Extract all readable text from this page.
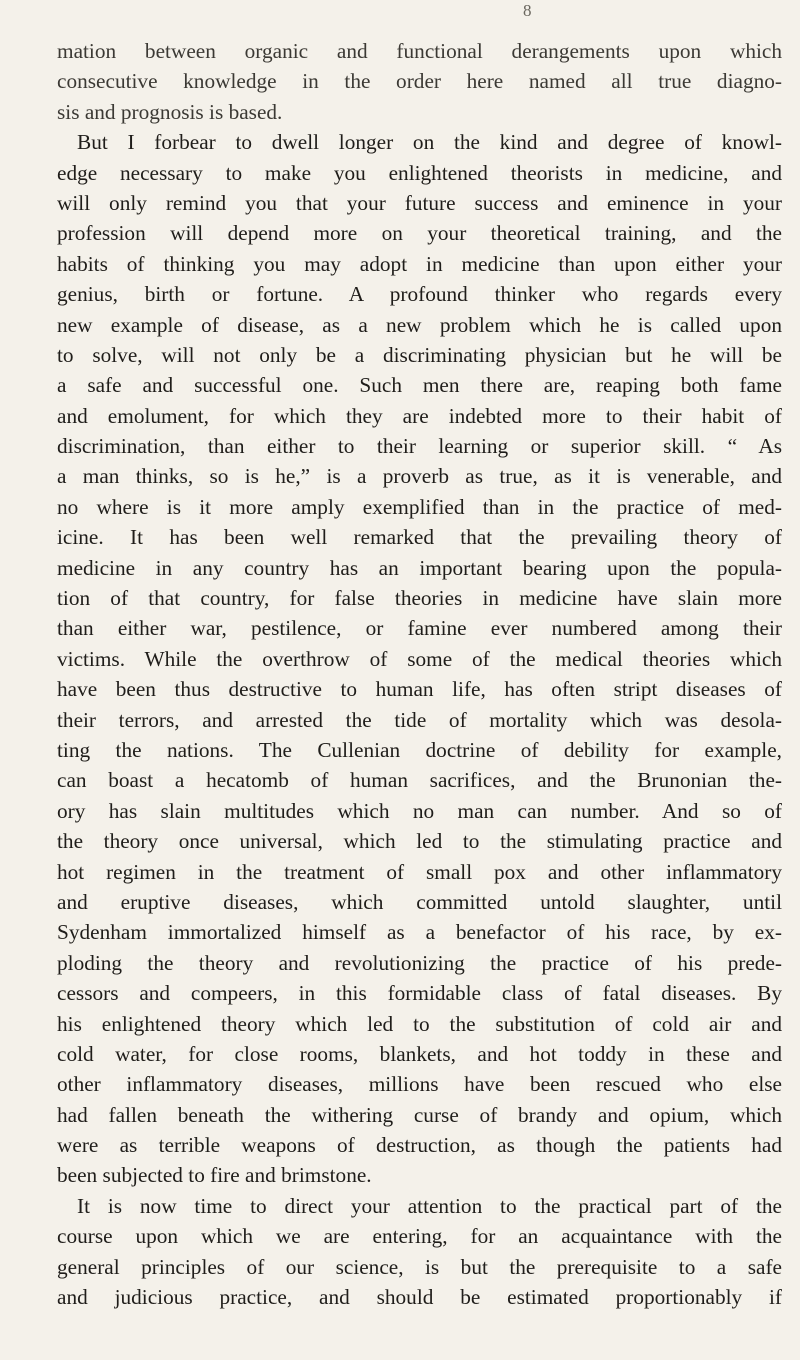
8
mation between organic and functional derangements upon which
consecutive knowledge in the order here named all true diagno-
sis and prognosis is based.
But I forbear to dwell longer on the kind and degree of knowl-
edge necessary to make you enlightened theorists in medicine, and
will only remind you that your future success and eminence in your
profession will depend more on your theoretical training, and the
habits of thinking you may adopt in medicine than upon either your
genius, birth or fortune. A profound thinker who regards every
new example of disease, as a new problem which he is called upon
to solve, will not only be a discriminating physician but he will be
a safe and successful one. Such men there are, reaping both fame
and emolument, for which they are indebted more to their habit of
discrimination, than either to their learning or superior skill. “ As
a man thinks, so is he,” is a proverb as true, as it is venerable, and
no where is it more amply exemplified than in the practice of med-
icine. It has been well remarked that the prevailing theory of
medicine in any country has an important bearing upon the popula-
tion of that country, for false theories in medicine have slain more
than either war, pestilence, or famine ever numbered among their
victims. While the overthrow of some of the medical theories which
have been thus destructive to human life, has often stript diseases of
their terrors, and arrested the tide of mortality which was desola-
ting the nations. The Cullenian doctrine of debility for example,
can boast a hecatomb of human sacrifices, and the Brunonian the-
ory has slain multitudes which no man can number. And so of
the theory once universal, which led to the stimulating practice and
hot regimen in the treatment of small pox and other inflammatory
and eruptive diseases, which committed untold slaughter, until
Sydenham immortalized himself as a benefactor of his race, by ex-
ploding the theory and revolutionizing the practice of his prede-
cessors and compeers, in this formidable class of fatal diseases. By
his enlightened theory which led to the substitution of cold air and
cold water, for close rooms, blankets, and hot toddy in these and
other inflammatory diseases, millions have been rescued who else
had fallen beneath the withering curse of brandy and opium, which
were as terrible weapons of destruction, as though the patients had
been subjected to fire and brimstone.
It is now time to direct your attention to the practical part of the
course upon which we are entering, for an acquaintance with the
general principles of our science, is but the prerequisite to a safe
and judicious practice, and should be estimated proportionably if
